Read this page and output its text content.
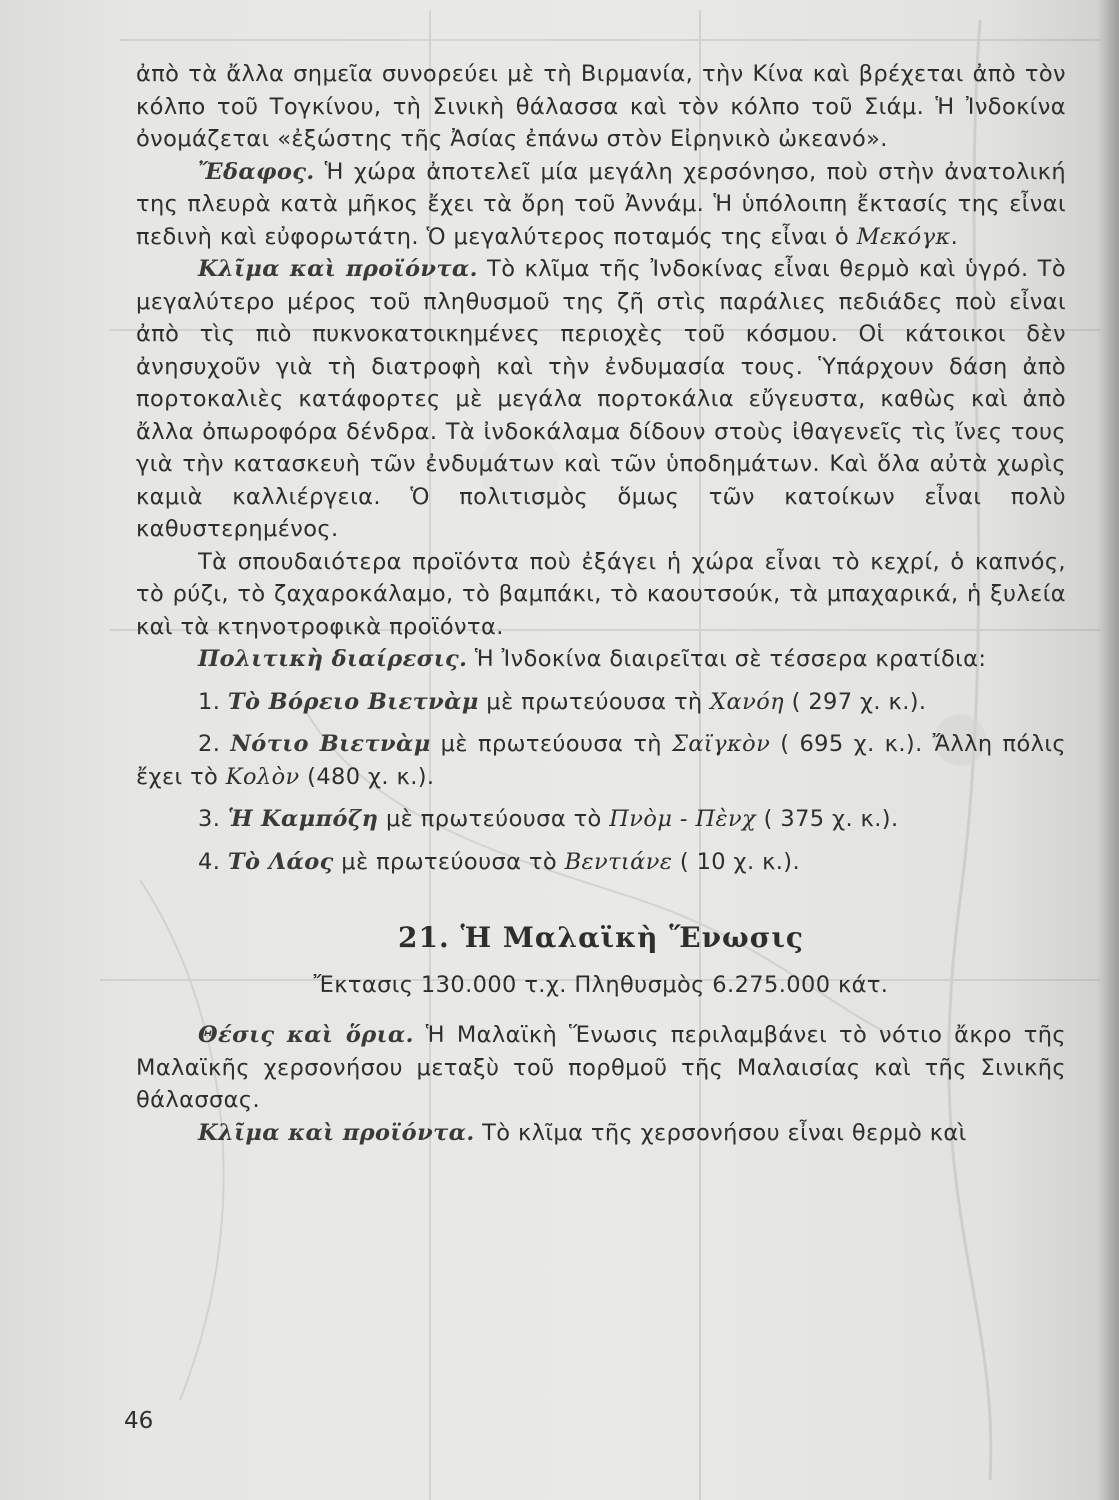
ἀπὸ τὰ ἄλλα σημεῖα συνορεύει μὲ τὴ Βιρμανία, τὴν Κίνα καὶ βρέχεται ἀπὸ τὸν κόλπο τοῦ Τογκίνου, τὴ Σινικὴ θάλασσα καὶ τὸν κόλπο τοῦ Σιάμ. Ἡ Ἰνδοκίνα ὀνομάζεται «ἐξώστης τῆς Ἀσίας ἐπάνω στὸν Εἰρηνικὸ ὠκεανό».

Ἔδαφος. Ἡ χώρα ἀποτελεῖ μία μεγάλη χερσόνησο, ποὺ στὴν ἀνατολική της πλευρὰ κατὰ μῆκος ἔχει τὰ ὄρη τοῦ Ἀννάμ. Ἡ ὑπόλοιπη ἔκτασίς της εἶναι πεδινὴ καὶ εὐφορωτάτη. Ὁ μεγαλύτερος ποταμός της εἶναι ὁ Μεκόγκ.

Κλῖμα καὶ προϊόντα. Τὸ κλῖμα τῆς Ἰνδοκίνας εἶναι θερμὸ καὶ ὑγρό. Τὸ μεγαλύτερο μέρος τοῦ πληθυσμοῦ της ζῆ στὶς παράλιες πεδιάδες ποὺ εἶναι ἀπὸ τὶς πιὸ πυκνοκατοικημένες περιοχὲς τοῦ κόσμου. Οἱ κάτοικοι δὲν ἀνησυχοῦν γιὰ τὴ διατροφὴ καὶ τὴν ἐνδυμασία τους. Ὑπάρχουν δάση ἀπὸ πορτοκαλιὲς κατάφορτες μὲ μεγάλα πορτοκάλια εὔγευστα, καθὼς καὶ ἀπὸ ἄλλα ὀπωροφόρα δένδρα. Τὰ ἰνδοκάλαμα δίδουν στοὺς ἰθαγενεῖς τὶς ἴνες τους γιὰ τὴν κατασκευὴ τῶν ἐνδυμάτων καὶ τῶν ὑποδημάτων. Καὶ ὅλα αὐτὰ χωρὶς καμιὰ καλλιέργεια. Ὁ πολιτισμὸς ὅμως τῶν κατοίκων εἶναι πολὺ καθυστερημένος.

Τὰ σπουδαιότερα προϊόντα ποὺ ἐξάγει ἡ χώρα εἶναι τὸ κεχρί, ὁ καπνός, τὸ ρύζι, τὸ ζαχαροκάλαμο, τὸ βαμπάκι, τὸ καουτσούκ, τὰ μπαχαρικά, ἡ ξυλεία καὶ τὰ κτηνοτροφικὰ προϊόντα.

Πολιτικὴ διαίρεσις. Ἡ Ἰνδοκίνα διαιρεῖται σὲ τέσσερα κρατίδια:

1. Τὸ Βόρειο Βιετνὰμ μὲ πρωτεύουσα τὴ Χανόη ( 297 χ. κ.).

2. Νότιο Βιετνὰμ μὲ πρωτεύουσα τὴ Σαϊγκὸν ( 695 χ. κ.). Ἄλλη πόλις ἔχει τὸ Κολὸν (480 χ. κ.).

3. Ἡ Καμπόζη μὲ πρωτεύουσα τὸ Πνὸμ - Πὲνχ ( 375 χ. κ.).

4. Τὸ Λάος μὲ πρωτεύουσα τὸ Βεντιάνε ( 10 χ. κ.).

21. Ἡ Μαλαϊκὴ Ἕνωσις

Ἔκτασις 130.000 τ.χ. Πληθυσμὸς 6.275.000 κάτ.

Θέσις καὶ ὅρια. Ἡ Μαλαϊκὴ Ἕνωσις περιλαμβάνει τὸ νότιο ἄκρο τῆς Μαλαϊκῆς χερσονήσου μεταξὺ τοῦ πορθμοῦ τῆς Μαλαισίας καὶ τῆς Σινικῆς θάλασσας.

Κλῖμα καὶ προϊόντα. Τὸ κλῖμα τῆς χερσονήσου εἶναι θερμὸ καὶ

46
